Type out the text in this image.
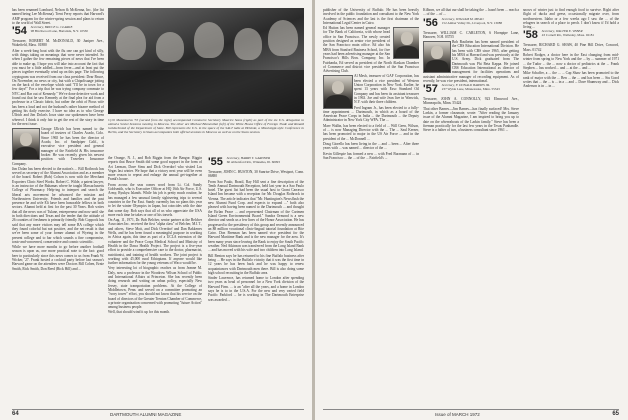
has been renamed Lombard, Nelson & McKenna, Inc. (the list named being Lee McKenna). Trent Ferry reports that Harvard's AMP program for the winter-spring session and plans to return to the world of Wall Street.

'54 Secretary, BRUCE G. CLARKE
98 Birchwood Lane, Hartsdale, N.Y. 10530

Treasurer, ROBERT M. McDONALD, 30 Juniper Ave., Wakefield, Mass. 01880

After a week-long bout with the flu one can get kind of silly, with things taking on meanings that were never intended. So when I gather the few remaining pieces of news that I've been able to make up, I hope you will take into account the fact that you must be a little addled—from fever—and at least put the pieces together eventually wind up on this page. The following cryptogram was received from our class president: Dear Bruce, On November, no news or city, but with a Chipolisuage jotting on the back of the envelope which said "I'll be in town for a few days!" For a trip that he was trying company commute to NYC and Bar out of Kennedy." We've done detective work and found out that he saw Kennedy at the final plea for aid from a professor in a Classic fabric, but rather the orbit of Pious wife has been a loud and not the husband's rather bizarre method of getting his daily exercise. I have no idea as to who George Ullrich and Jim Dolan's Iowa state our spokesmen have been whereof. I think it only fair to get the rest of the story in time for the next issue.

George Ullrich has been named to the board of trustees of Charles Acado, Colo. Since 1965 he has been the director of Acado, Inc. of Sandpiper Calif., is executive vice president and general manager of the Fairfield & His insurance broker. He was recently given his newest position with Travelers Insurance Company.

Jim Dolan has been elected to the nation's ... Bill Rothrock has served as secretary of the Alumni Association and as a member of the board. Robert (Bob) Colson is now with the Merchant Exporters Clinic Steel Works. Robert C. Wilde, a patent lawyer, is an instructor of the Bahamas where he taught Massachusetts College of Pharmacy. Help-ing to interpret and search the liberal arts movement he advanced the mission and Northeastern University. Friends and families and the past presence he and wife Eli have been honorable fellows in both sectors. Alumni held at first for the past 30 Years. Bob writes that all the news was of Tulane, entrepreneur and now until she in both directions and Texas and the tender that the attitude of 26 counties of freshmen is primarily friendly. Bob Coppock has said that any more visitors may tell some BA college which they found colorful but not positive, and the net result is that we've been some of your former alumni of Wyeing in the present college and to bar which sounds a fine compromise, tonic-and-concerned, conservative and cosmic scientific.

While we have more months to go before another football season is upon us, one more practical note to the fact: good beer to particularly since this news comes to us from Frank W. Wicker, '27. Frank hosted a cocktail party before last season's Harvard game on the attendees were Doctors Bill Cohen, Ernie Smith, Rick Smith, Don Reed (Rick Hill) and ...

Cyril Manzoneros '55 (second from the right) accompanied Commerce Secretary Maurice Stans (right) as part of the six U.S. delegation to attend a Soviet Sessions meeting in Moscow. The other are Michael Blumenthal (left) of the White House Office of Foreign Trade and Ronald Goldschmied of the Department of State. Bill represents the U.S. in the space of the SALT talks at Helsinki, a Mississippi-style Conference in Berlin, and the Secretary in Stans accompanies both official sessions in Moscow as well as on the Stans session.

the Orange, N. J., and Bob Riggin from the Bangor. Riggin reports that Bruce Smith did some good support in the form of Art Lerman, Dave Sims and Dick Overdorf who visited Las Vegas last winter. We hope that a victory next year will be even more reason to repeat and enlarge the annual get-together at Frank's house.

From across the seas comes word from Lt. Col. Sandy Goldsmith, who is Executive Officer at HQ 16th Air Force, U.S. Army, Ryukyu Islands. While his job is pretty much routine, he has managed a few unusual family sightseeing trips to several countries in the Far East. Sandy currently has no plans this year to let the winter Olympics in Japan, but coincides with the date that some day. Bob says that all of us who appreciate the USA more each time he takes or one of his travels.

On Aug. 11, 1971, Dr. Bob Belcher, senior partner at the Belcher Associates Inc. received the first "alpha class" of Belcher, M.I.T., and others, Steve Mott, and Dick Overdorf and Dan Bakkenes Wells, and he has been found a meaningful purpose in working in Africa again, this time as part of a UCLA extension of the volunteer and the Peace Corps Medical School and Ministry of Health in the Dawa Health Project. The project is a five-year effort to provide a comprehensive care to the doctor, pharmacist, nutritionist, and training of health workers. The joint project is working with 45,000 rural Ethiopians. If anyone would like further information for the young veterans of Waco would be.

Very interesting lot of biographic reaches us from Jeanne M. Daly, now a professor in the Woodrow Wilson School of Public and International Affairs at Princeton. She has recently been doing research and writing on urban policy, especially New Jersey, state transportation problems. At the College of Middletown, Penn. and served on a committee promoting an "ivory tower" effort, you should not know that his service on the board of directors of the Greater Trenton Chamber of Commerce, a private organization concerned with promoting "future Action" among business people.

Well, that should wind it up for this month.

'55 Secretary, HARRY T. GARDNER
60 Abbotsford Rd., Winnetka, Ill. 60093

Treasurer, JOHN C. HUSTON, 30 Sunrise Drive, Westport, Conn. 06880

From Sao Paulo, Brazil, Ray Hill sent a fine description of the Tenth Annual Dartmouth Reception, held last year in a Sao Paulo hotel. The guest list had been the usual host to Grant Carrasco Island Inn became with a reception for Mr. Douglas Rothrock in Vienna. The article indicates that "Mr. Huntington's Newsflash the new Alumni Fund Corp. and expects to expand ..." both also pleased with having been named to the Dartmouth ... and thought the Eirlan Peace ... and represented Chairman of the Cartmen Island Green Environmental Board." Sandra Ormond is a new director and sends us a few lines of the Honor Association. He has progressed to the presidency of this group and recently announced an $8 million vocational clinic-lingual tutorial foundation at Rite Cairo. Don Brennan has been named vice president for the Harvard Maritime Bank and is the new manager for the area. It's been many years since leaving the Rank to enjoy the South Pacific weather. Ned Atkinson was transferred from the Long Island Bank ... and has moved with his wife and two children into Long Island.

Bill Benton says he has returned to his fine Buffalo business after being ... He says in the Buffalo vicinity that it was the first time in 12 years he has been back and he was happy to renew acquaintances with Dartmouth men there. Bill is also doing some high school recruiting in the Buffalo area.

Sinder Lawrence, has returned home to London after spending two years as head of personnel for a New York division of the Harvard Firm. ... is an "after all the years, and a home in London says he is to in the U.S.A. For the new and very varied field Pacific Parkford ... he is working in The Dartmouth Enterprise was awarded ...

64	DARTMOUTH ALUMNI MAGAZINE

publisher of the University of Buffalo. He has been heavily involved in the public foundation and consultant to the New York Academy of Sciences and the last is the first chairman of the International Legal Center in Cairo.

Ed Hutton has been named general manager for The Bank of California, with whose head office in San Francisco. The newly created position designed as senior vice president of the San Francisco main office. Ed also his MBA from Stanford Business School, for five years had been advertising manager at the San Francisco's Hills Bros. Company, Inc. In Fairbanks, Ed served as president of the North Alaskan Chamber of Commerce and district vice president of the San Francisco Advertising Club.

Al Mesh, treasurer of GAF Corporation, has been elected a vice president of Western Union Corporation in New York. Earlier, he spent 13 years with Esso Standard Oil Company and has been its assistant treasurer in 1963. Joe and wife Jean live in Warwick, N.Y. with their three children.

Fred Ingram Jr., has been elected to a fully-time appointment ... Dartmouth, in which as a board of the American Peace Corps in India ... the Dartmouth ... the Deputy Administrator in New York City WPA. The ...

Marv Wallin, has been elected to a field of ... Will Geen, Wilson, of ... is now Managing Director with the ... The ... Saul Kerner, has been promoted to major in the US Air Force ... and in the president of the ... McDonnell ...

Doug Giorello has been living in the ... and ... been ... After three years with ... was named ... director of the ...

Kevin Gillespie has formed a new ... with Fred Bucmann of ... in San Francisco ... the ... of the ... Fairfield's ...

Kilborn, we all that our shall be taking the ... hasn't been ... reach a ... of the ... of ...

'56 Secretary, WILLIAM M. MEAD
152 Amber Valley Dr., Liverpool, N.Y. 13088

Treasurer, WILLIAM C. CARLETON, 6 Hornpipe Lane, Hanover, N.H. 03755

Bob Bastheim has been named president of the CBS Education International Division. He has been with CBS since 1965, after getting his MBA at Harvard and was previously at the U.S. Army. Dick graduated from The Dartmouth was Phi Beta Kappa. He joined CBS Education International as director of management for facilities operations and assistant administrative manager of recording equipment. As of recently, he was vice president, international.

'57 Secretary, F. DONALD BARNES JR.
237 Wylde Lane, Minnetonka, Minn. 55343

Treasurer, JOHN A. CONNOLLY, 923 Elmwood Ave., Minneapolis, Minn. 55424

That other Barnes—Jim Barnes—has finally surfaced! Mrs. Steve Larkin, a former classmate, wrote: "After reading the January issue of the Alumni Magazine, I am inspired to bring you up to date on the whereabouts of the Larkin family." Steve has been a fireman practically for the last few years in the Texas Panhandle. Steve is a father of two, a business consultant since 1961 ...

snows of winter just to find enough food to survive. Right after flight of ducks and geese, occasionally migrate over, from northwestern. Idaho or a few weeks ago I saw the ... of the refugees in search of a place to perch. I don't know if I'd hold a living ...

'58 Secretary, WALTER E. VEBER
43 Cornell Rd., Wellesley, Mass. 02181

Treasurer, RICHARD G. SHAW, 40 Pine Hill Drive, Concord, Mass. 01742

Robert Rodger, a doctor here in the East changing from mid-winter from spring to New York and the ... by ... summer of 1971 ... the Tudor ... the ... now a doctor of pediatrics at the ... Frank Stephen ... has worked ... and ... at the ... and ...

Mike Schaffer, a ... the ... ... Cap Shaw has been promoted to the rank of major with the ... Ben ... the ... and has been ... Stu Good writes that ... the ... is ... in a ... and ... Dave Shumway and ... Dick Anderson is in ... in ...

Issue of MARCH 1972	65
